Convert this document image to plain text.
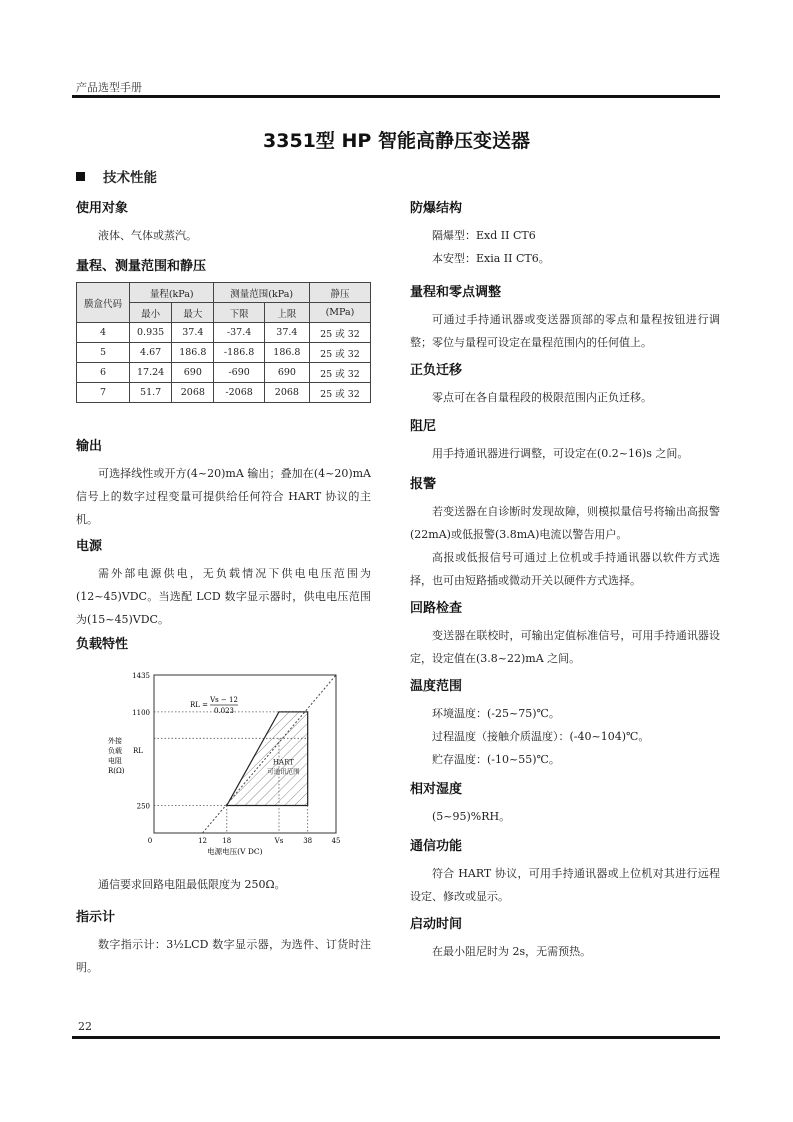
产品选型手册
3351型 HP 智能高静压变送器
技术性能
使用对象

液体、气体或蒸汽。

量程、测量范围和静压
膜盒代码	量程(kPa)		测量范围(kPa)		静压
	最小	最大	下限	上限	(MPa)
4	0.935	37.4	-37.4	37.4	25 或 32
5	4.67	186.8	-186.8	186.8	25 或 32
6	17.24	690	-690	690	25 或 32
7	51.7	2068	-2068	2068	25 或 32
输出

可选择线性或开方(4~20)mA 输出；叠加在(4~20)mA 信号上的数字过程变量可提供给任何符合 HART 协议的主机。

电源

需外部电源供电，无负载情况下供电电压范围为(12~45)VDC。当选配 LCD 数字显示器时，供电电压范围为(15~45)VDC。

负载特性
250
1100
1435
0	12 18	Vs	38	45
电源电压(V DC)
外接
负载
电阻
R(Ω)
RL
RL =
Vs − 12
0.023
HART
可通讯范围

通信要求回路电阻最低限度为 250Ω。

指示计

数字指示计：3½LCD 数字显示器，为选件、订货时注明。

防爆结构

隔爆型：Exd II CT6

本安型：Exia II CT6。

量程和零点调整

可通过手持通讯器或变送器顶部的零点和量程按钮进行调整；零位与量程可设定在量程范围内的任何值上。

正负迁移

零点可在各自量程段的极限范围内正负迁移。

阻尼

用手持通讯器进行调整，可设定在(0.2~16)s 之间。

报警

若变送器在自诊断时发现故障，则模拟量信号将输出高报警(22mA)或低报警(3.8mA)电流以警告用户。

高报或低报信号可通过上位机或手持通讯器以软件方式选择，也可由短路插或微动开关以硬件方式选择。

回路检查

变送器在联校时，可输出定值标准信号，可用手持通讯器设定，设定值在(3.8~22)mA 之间。

温度范围

环境温度：(-25~75)℃。

过程温度（接触介质温度）：(-40~104)℃。

贮存温度：(-10~55)℃。

相对湿度

(5~95)%RH。

通信功能

符合 HART 协议，可用手持通讯器或上位机对其进行远程设定、修改或显示。

启动时间

在最小阻尼时为 2s，无需预热。

22
